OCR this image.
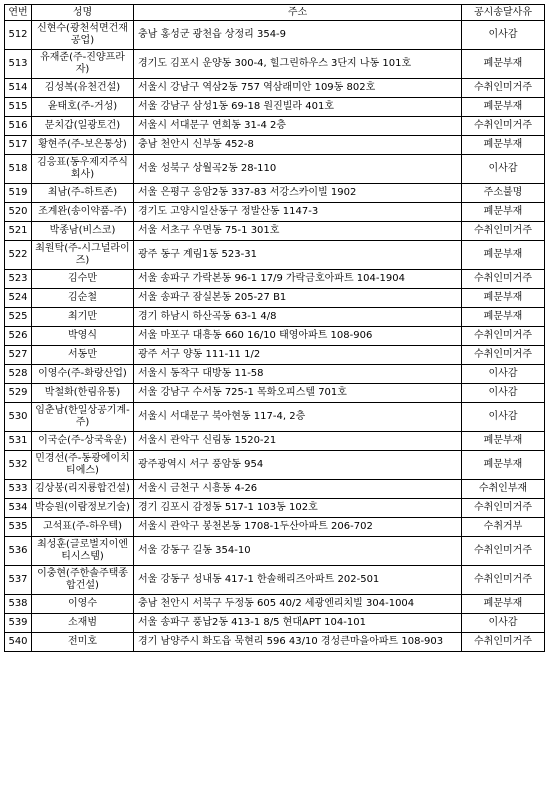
연번	성명	주소	공시송달사유
512	신현수(광천석면건재공업)	충남 홍성군 광천읍 상정리 354-9	이사감
513	유재준(주-진양프라자)	경기도 김포시 운양동 300-4, 힐그린하우스 3단지 나동 101호	폐문부재
514	김성복(유천건설)	서울시 강남구 역삼2동 757 역삼래미안 109동 802호	수취인미거주
515	윤태호(주-거성)	서울 강남구 삼성1동 69-18 원진빌라 401호	폐문부재
516	문치갑(일광토건)	서울시 서대문구 연희동 31-4 2층	수취인미거주
517	황현주(주-보은통상)	충남 천안시 신부동 452-8	폐문부재
518	김응표(동우제지주식회사)	서울 성북구 상월곡2동 28-110	이사감
519	최남(주-하트존)	서울 은평구 응암2동 337-83 서강스카이빌 1902	주소불명
520	조계완(송이약품-주)	경기도 고양시일산동구 정발산동 1147-3	폐문부재
521	박종남(비스코)	서울 서초구 우면동 75-1 301호	수취인미거주
522	최원탁(주-시그널라이즈)	광주 동구 계림1동 523-31	폐문부재
523	김수만	서울 송파구 가락본동 96-1 17/9 가락금호아파트 104-1904	수취인미거주
524	김순철	서울 송파구 잠실본동 205-27 B1	폐문부재
525	최기만	경기 하남시 하산곡동 63-1 4/8	폐문부재
526	박영식	서울 마포구 대흥동 660 16/10 태영아파트 108-906	수취인미거주
527	서동만	광주 서구 양동 111-11 1/2	수취인미거주
528	이영수(주-화랑산업)	서울시 동작구 대방동 11-58	이사감
529	박철화(한림유통)	서울 강남구 수서동 725-1 목화오피스텔 701호	이사감
530	임춘남(한일상공기계-주)	서울시 서대문구 북아현동 117-4, 2층	이사감
531	이국순(주-상국육운)	서울시 관악구 신림동 1520-21	폐문부재
532	민경선(주-동광에이치티에스)	광주광역시 서구 풍암동 954	폐문부재
533	김상봉(리지룡합건설)	서울시 금천구 시흥동 4-26	수취인부재
534	박승원(이람정보기술)	경기 김포시 감정동 517-1 103동 102호	수취인미거주
535	고석표(주-하우텍)	서울시 관악구 봉천본동 1708-1두산아파트 206-702	수취거부
536	최성훈(글로벌지이엔티시스템)	서울 강동구 길동 354-10	수취인미거주
537	이충현(주한솔주택종합건설)	서울 강동구 성내동 417-1 한솔해리즈아파트 202-501	수취인미거주
538	이영수	충남 천안시 서북구 두정동 605 40/2 세광엔리치빌 304-1004	폐문부재
539	소재범	서울 송파구 풍납2동 413-1 8/5 현대APT 104-101	이사감
540	전미호	경기 남양주시 화도읍 묵현리 596 43/10 경성큰마을아파트 108-903	수취인미거주
